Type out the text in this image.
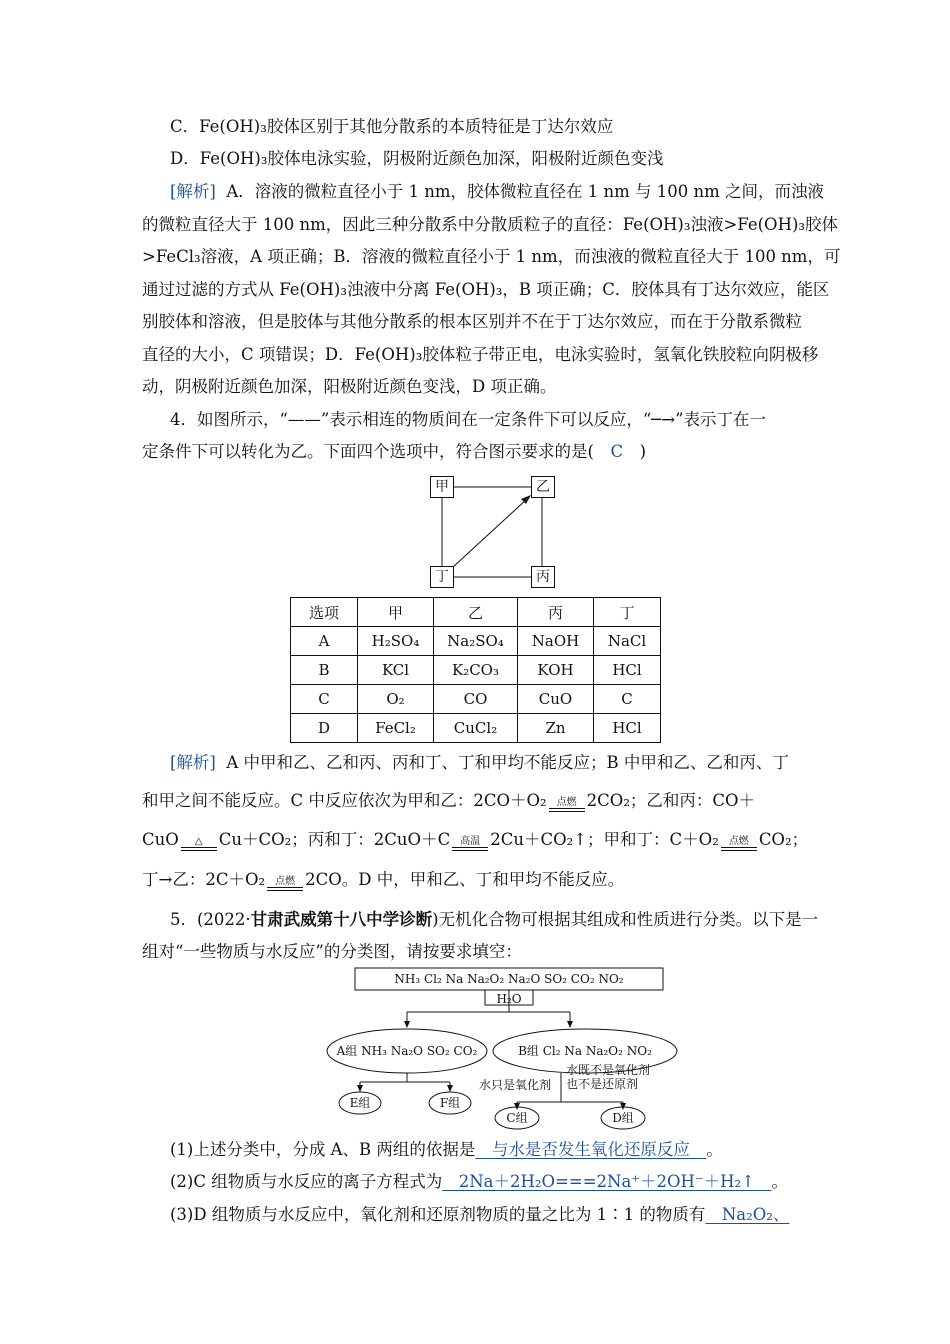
C．Fe(OH)₃胶体区别于其他分散系的本质特征是丁达尔效应
D．Fe(OH)₃胶体电泳实验，阴极附近颜色加深，阳极附近颜色变浅
[解析] A．溶液的微粒直径小于 1 nm，胶体微粒直径在 1 nm 与 100 nm 之间，而浊液
的微粒直径大于 100 nm，因此三种分散系中分散质粒子的直径：Fe(OH)₃浊液>Fe(OH)₃胶体
>FeCl₃溶液，A 项正确；B．溶液的微粒直径小于 1 nm，而浊液的微粒直径大于 100 nm，可
通过过滤的方式从 Fe(OH)₃浊液中分离 Fe(OH)₃，B 项正确；C．胶体具有丁达尔效应，能区
别胶体和溶液，但是胶体与其他分散系的根本区别并不在于丁达尔效应，而在于分散系微粒
直径的大小，C 项错误；D．Fe(OH)₃胶体粒子带正电，电泳实验时，氢氧化铁胶粒向阴极移
动，阴极附近颜色加深，阳极附近颜色变浅，D 项正确。
4．如图所示，“——”表示相连的物质间在一定条件下可以反应，“─→”表示丁在一
定条件下可以转化为乙。下面四个选项中，符合图示要求的是(　C　)
甲	乙
丁	丙
选项	甲	乙	丙	丁
A	H₂SO₄	Na₂SO₄	NaOH	NaCl
B	KCl	K₂CO₃	KOH	HCl
C	O₂	CO	CuO	C
D	FeCl₂	CuCl₂	Zn	HCl
[解析] A 中甲和乙、乙和丙、丙和丁、丁和甲均不能反应；B 中甲和乙、乙和丙、丁
和甲之间不能反应。C 中反应依次为甲和乙：2CO＋O₂	点燃 2CO₂；乙和丙：CO＋
CuO	△ Cu＋CO₂；丙和丁：2CuO＋C	高温 2Cu＋CO₂↑；甲和丁：C＋O₂	点燃 CO₂；
丁→乙：2C＋O₂	点燃 2CO。D 中，甲和乙、丁和甲均不能反应。
5．(2022·甘肃武威第十八中学诊断)无机化合物可根据其组成和性质进行分类。以下是一
组对“一些物质与水反应”的分类图，请按要求填空：
NH₃ Cl₂ Na Na₂O₂ Na₂O SO₂ CO₂ NO₂
H₂O
A组 NH₃ Na₂O SO₂ CO₂	B组 Cl₂ Na Na₂O₂ NO₂
水只是氧化剂
水既不是氧化剂
也不是还原剂
E组	F组
C组	D组
(1)上述分类中，分成 A、B 两组的依据是　与水是否发生氧化还原反应　。
(2)C 组物质与水反应的离子方程式为　2Na＋2H₂O===2Na⁺＋2OH⁻＋H₂↑　。
(3)D 组物质与水反应中，氧化剂和还原剂物质的量之比为 1∶1 的物质有　Na₂O₂、
